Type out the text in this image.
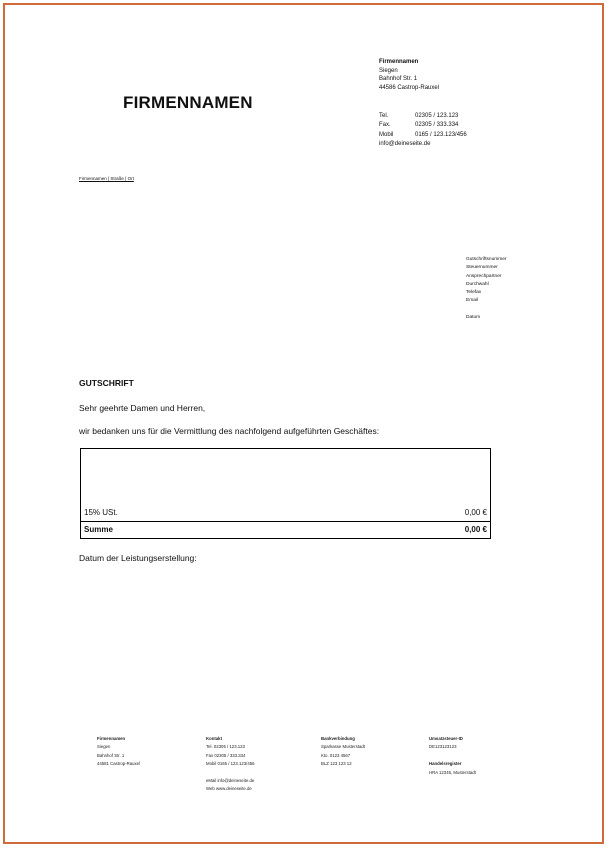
FIRMENNAMEN
Firmennamen
Siegen
Bahnhof Str. 1
44586 Castrop-Rauxel
Tel.	02305 / 123.123
Fax.	02305 / 333.334
Mobil	0165 / 123.123/456
info@deineseite.de
Firmennamen | Straße | Ort
Gutschriftsnummer
Steuernummer
Ansprechpartner
Durchwahl
Telefax
Email

Datum
GUTSCHRIFT
Sehr geehrte Damen und Herren,
wir bedanken uns für die Vermittlung des nachfolgend aufgeführten Geschäftes:
15% USt.	0,00 €
Summe	0,00 €
Datum der Leistungserstellung:
Firmennamen
Siegen
Bahnhof Str. 1
44581 Castrop-Rauxel
Kontakt
Tel. 02305 / 123.123
Fax 02305 / 333.334
Mobil 0165 / 123.123/456

eMail info@deineseite.de
Web www.deineseite.de
Bankverbindung
Sparkasse Musterstadt
Kto. 0123 4567
BLZ 123 123 12
Umsatzsteuer-ID
DE123123123

Handelsregister
HRA 12345, Musterstadt
